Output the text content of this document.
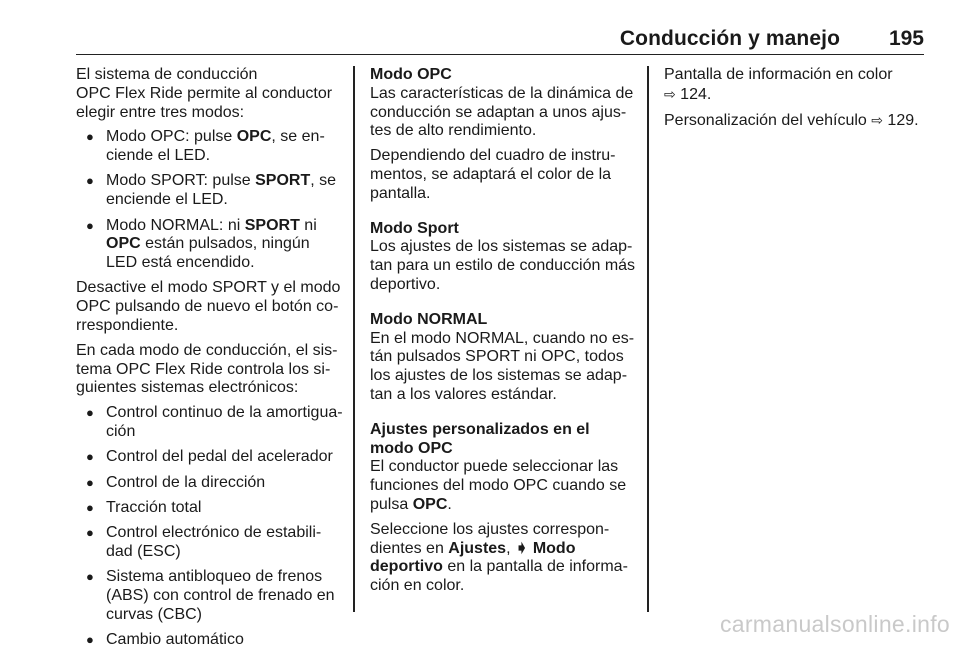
Conducción y manejo 195

El sistema de conducción
OPC Flex Ride permite al conductor
elegir entre tres modos:

● Modo OPC: pulse OPC, se en-ciende el LED.
● Modo SPORT: pulse SPORT, se enciende el LED.
● Modo NORMAL: ni SPORT ni OPC están pulsados, ningún LED está encendido.

Desactive el modo SPORT y el modo OPC pulsando de nuevo el botón co-rrespondiente.

En cada modo de conducción, el sis-tema OPC Flex Ride controla los si-guientes sistemas electrónicos:

● Control continuo de la amortigua-ción
● Control del pedal del acelerador
● Control de la dirección
● Tracción total
● Control electrónico de estabili-dad (ESC)
● Sistema antibloqueo de frenos (ABS) con control de frenado en curvas (CBC)
● Cambio automático

Modo OPC
Las características de la dinámica de conducción se adaptan a unos ajus-tes de alto rendimiento.

Dependiendo del cuadro de instru-mentos, se adaptará el color de la pantalla.

Modo Sport
Los ajustes de los sistemas se adap-tan para un estilo de conducción más deportivo.

Modo NORMAL
En el modo NORMAL, cuando no es-tán pulsados SPORT ni OPC, todos los ajustes de los sistemas se adap-tan a los valores estándar.

Ajustes personalizados en el modo OPC
El conductor puede seleccionar las funciones del modo OPC cuando se pulsa OPC.

Seleccione los ajustes correspon-dientes en Ajustes, ➧ Modo deportivo en la pantalla de informa-ción en color.

Pantalla de información en color
⇨ 124.

Personalización del vehículo ⇨ 129.

carmanualsonline.info
